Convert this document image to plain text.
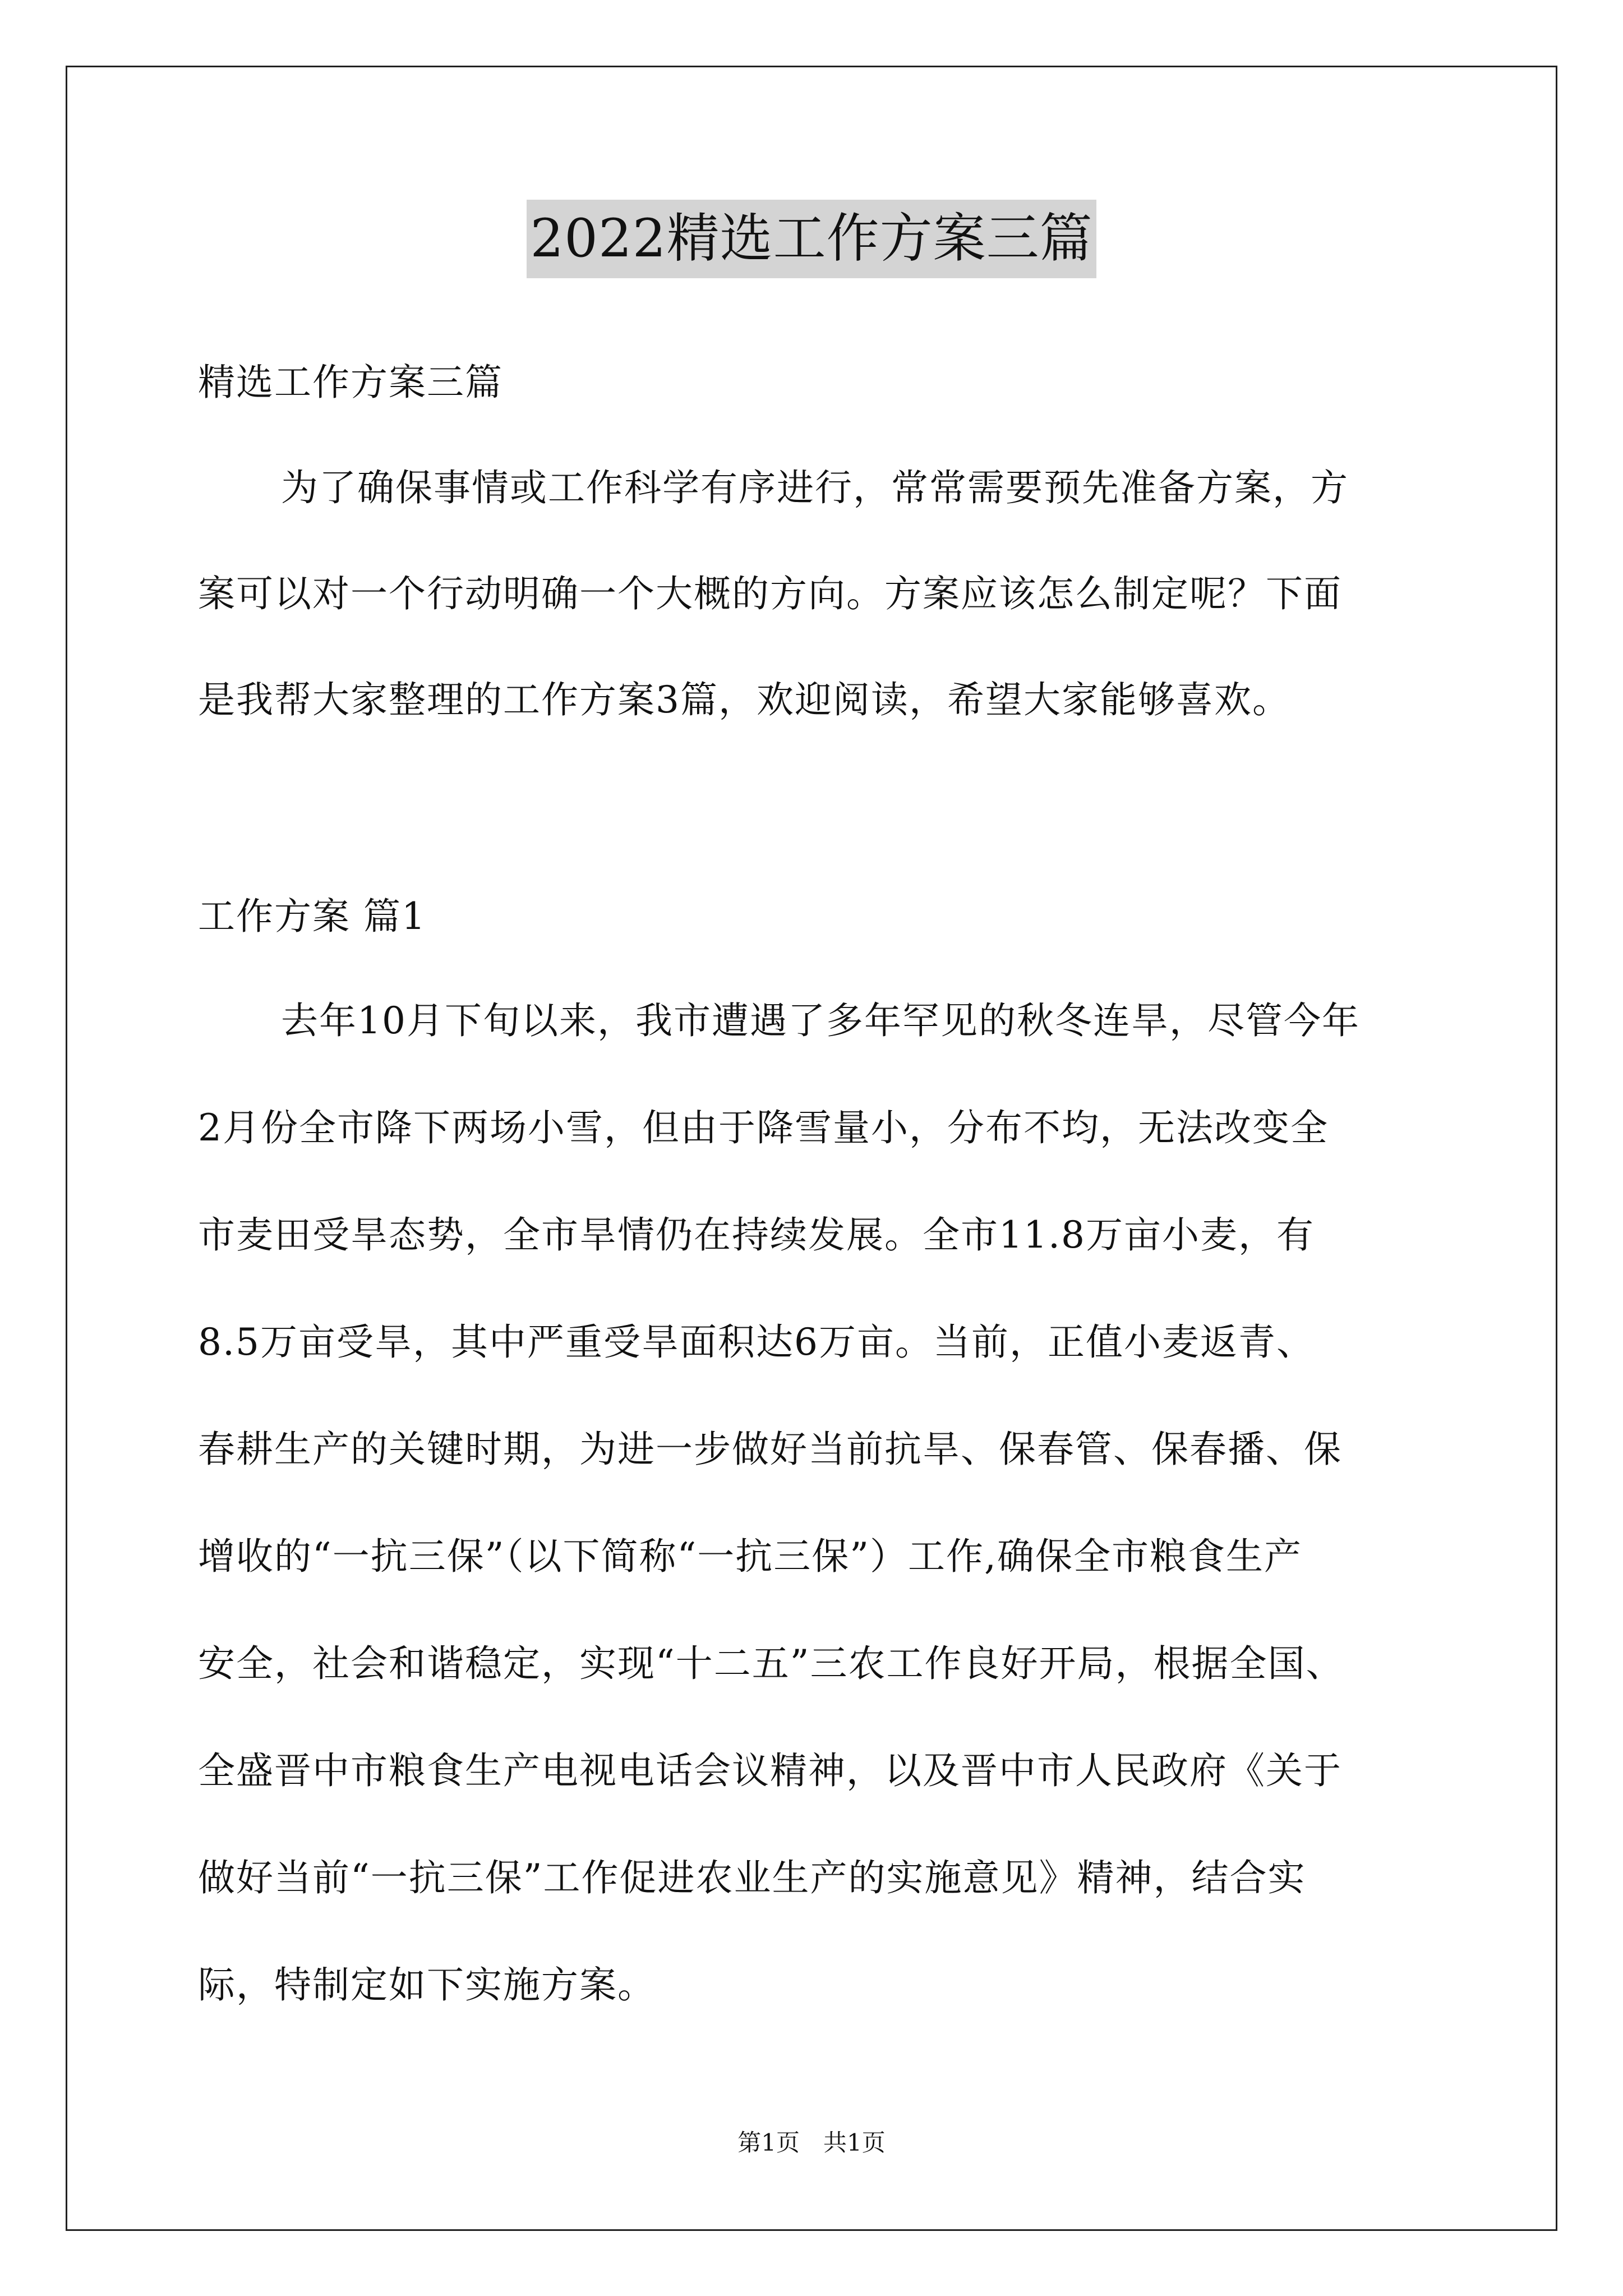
2022精选工作方案三篇
精选工作方案三篇
为了确保事情或工作科学有序进行，常常需要预先准备方案，方
案可以对一个行动明确一个大概的方向。方案应该怎么制定呢？下面
是我帮大家整理的工作方案3篇，欢迎阅读，希望大家能够喜欢。
工作方案 篇1
去年10月下旬以来，我市遭遇了多年罕见的秋冬连旱，尽管今年
2月份全市降下两场小雪，但由于降雪量小，分布不均，无法改变全
市麦田受旱态势，全市旱情仍在持续发展。全市11.8万亩小麦，有
8.5万亩受旱，其中严重受旱面积达6万亩。当前，正值小麦返青、
春耕生产的关键时期，为进一步做好当前抗旱、保春管、保春播、保
增收的“一抗三保”（以下简称“一抗三保”）工作,确保全市粮食生产
安全，社会和谐稳定，实现“十二五”三农工作良好开局，根据全国、
全盛晋中市粮食生产电视电话会议精神，以及晋中市人民政府《关于
做好当前“一抗三保”工作促进农业生产的实施意见》精神，结合实
际，特制定如下实施方案。
第1页　共1页
